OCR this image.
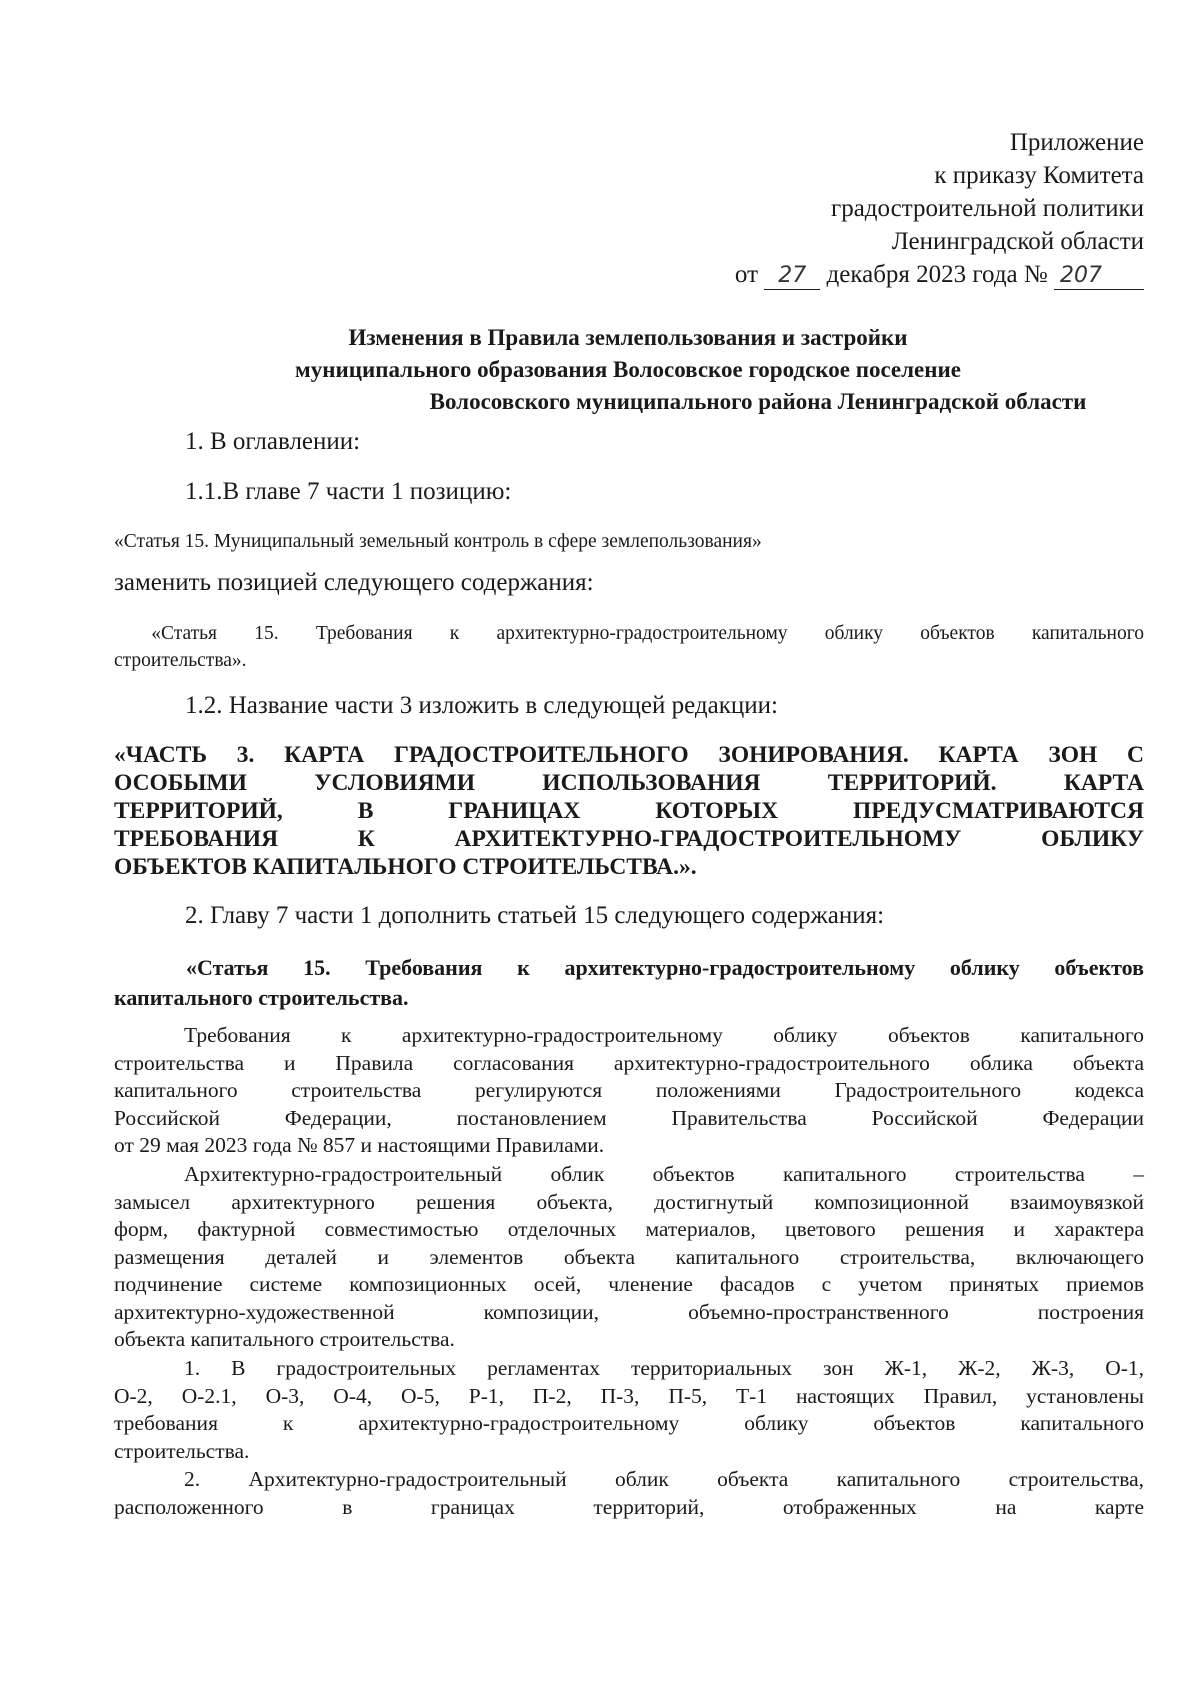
Приложение
к приказу Комитета
градостроительной политики
Ленинградской области
от 27 декабря 2023 года № 207
Изменения в Правила землепользования и застройки
муниципального образования Волосовское городское поселение
Волосовского муниципального района Ленинградской области
1. В оглавлении:
1.1.В главе 7 части 1 позицию:
«Статья 15. Муниципальный земельный контроль в сфере землепользования»
заменить позицией следующего содержания:
«Статья 15. Требования к архитектурно-градостроительному облику объектов капитального
строительства».
1.2. Название части 3 изложить в следующей редакции:
«ЧАСТЬ 3. КАРТА ГРАДОСТРОИТЕЛЬНОГО ЗОНИРОВАНИЯ. КАРТА ЗОН С
ОСОБЫМИ УСЛОВИЯМИ ИСПОЛЬЗОВАНИЯ ТЕРРИТОРИЙ. КАРТА
ТЕРРИТОРИЙ, В ГРАНИЦАХ КОТОРЫХ ПРЕДУСМАТРИВАЮТСЯ
ТРЕБОВАНИЯ К АРХИТЕКТУРНО-ГРАДОСТРОИТЕЛЬНОМУ ОБЛИКУ
ОБЪЕКТОВ КАПИТАЛЬНОГО СТРОИТЕЛЬСТВА.».
2. Главу 7 части 1 дополнить статьей 15 следующего содержания:
«Статья 15. Требования к архитектурно-градостроительному облику объектов
капитального строительства.
Требования к архитектурно-градостроительному облику объектов капитального
строительства и Правила согласования архитектурно-градостроительного облика объекта
капитального строительства регулируются положениями Градостроительного кодекса
Российской Федерации, постановлением Правительства Российской Федерации
от 29 мая 2023 года № 857 и настоящими Правилами.
Архитектурно-градостроительный облик объектов капитального строительства –
замысел архитектурного решения объекта, достигнутый композиционной взаимоувязкой
форм, фактурной совместимостью отделочных материалов, цветового решения и характера
размещения деталей и элементов объекта капитального строительства, включающего
подчинение системе композиционных осей, членение фасадов с учетом принятых приемов
архитектурно-художественной композиции, объемно-пространственного построения
объекта капитального строительства.
1. В градостроительных регламентах территориальных зон Ж-1, Ж-2, Ж-3, О-1,
О-2, О-2.1, О-3, О-4, О-5, Р-1, П-2, П-3, П-5, Т-1 настоящих Правил, установлены
требования к архитектурно-градостроительному облику объектов капитального
строительства.
2. Архитектурно-градостроительный облик объекта капитального строительства,
расположенного в границах территорий, отображенных на карте
